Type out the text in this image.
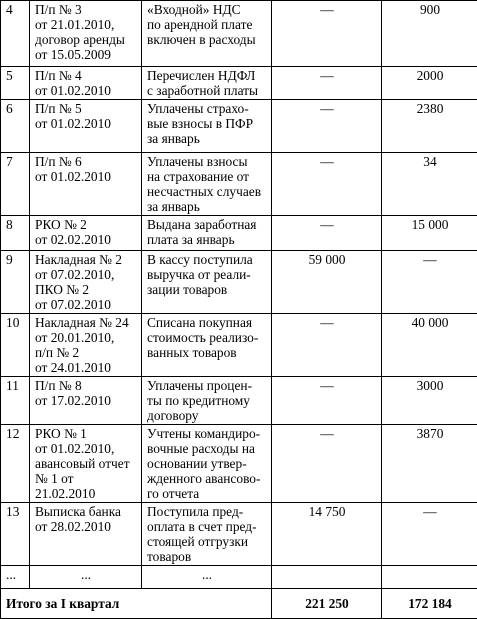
4	П/п № 3
от 21.01.2010,
договор аренды
от 15.05.2009	«Входной» НДС
по арендной плате
включен в расходы	—	900
5	П/п № 4
от 01.02.2010	Перечислен НДФЛ
с заработной платы	—	2000
6	П/п № 5
от 01.02.2010	Уплачены страхо-
вые взносы в ПФР
за январь	—	2380
7	П/п № 6
от 01.02.2010	Уплачены взносы
на страхование от
несчастных случаев
за январь	—	34
8	РКО № 2
от 02.02.2010	Выдана заработная
плата за январь	—	15 000
9	Накладная № 2
от 07.02.2010,
ПКО № 2
от 07.02.2010	В кассу поступила
выручка от реали-
зации товаров	59 000	—
10	Накладная № 24
от 20.01.2010,
п/п № 2
от 24.01.2010	Списана покупная
стоимость реализо-
ванных товаров	—	40 000
11	П/п № 8
от 17.02.2010	Уплачены процен-
ты по кредитному
договору	—	3000
12	РКО № 1
от 01.02.2010,
авансовый отчет
№ 1 от 21.02.2010	Учтены командиро-
вочные расходы на
основании утвер-
жденного авансово-
го отчета	—	3870
13	Выписка банка
от 28.02.2010	Поступила пред-
оплата в счет пред-
стоящей отгрузки
товаров	14 750	—
...	...	...		
Итого за I квартал			221 250	172 184
